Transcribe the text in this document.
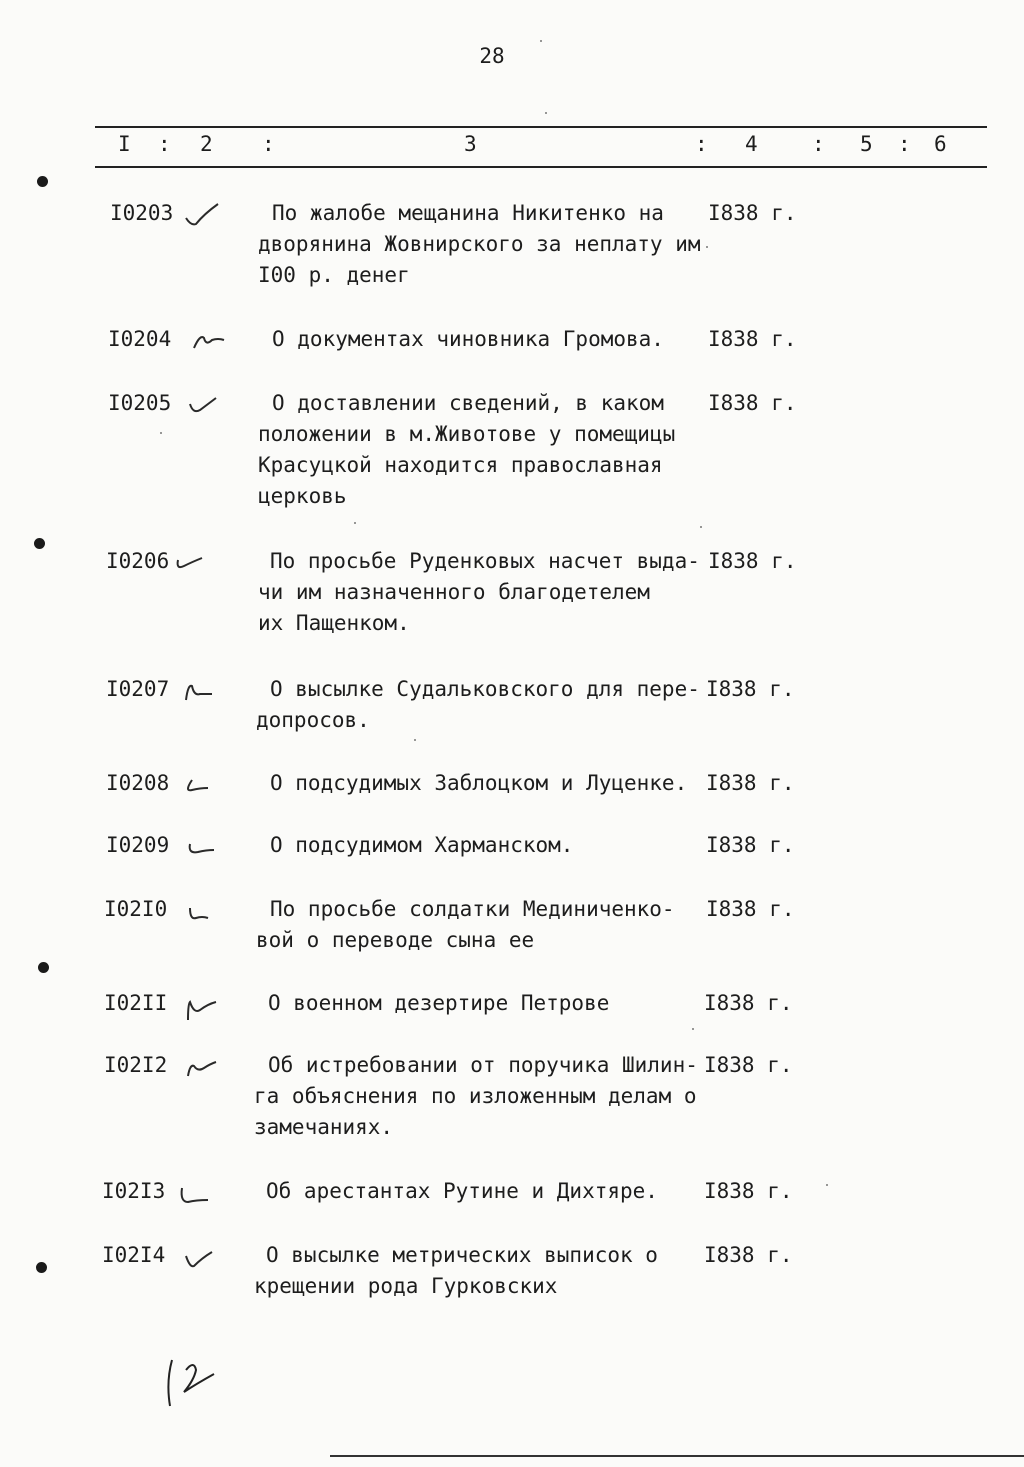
28
I : 2 :	3	: 4	: 5 : 6
I0203	По жалобе мещанина Никитенко на
дворянина Жовнирского за неплату им
I00 р. денег
I838 г.
I0204	О документах чиновника Громова.	I838 г.
I0205	О доставлении сведений, в каком
положении в м.Животове у помещицы
Красуцкой находится православная
церковь
I838 г.
I0206	По просьбе Руденковых насчет выда-
чи им назначенного благодетелем
их Пащенком.
I838 г.
I0207	О высылке Судальковского для пере-
допросов.
I838 г.
I0208	О подсудимых Заблоцком и Луценке. I838 г.
I0209	О подсудимом Харманском.	I838 г.
I02I0	По просьбе солдатки Мединиченко-
вой о переводе сына ее
I838 г.
I02II	О военном дезертире Петрове	I838 г.
I02I2	Об истребовании от поручика Шилин-
га объяснения по изложенным делам о
замечаниях.
I838 г.
I02I3	Об арестантах Рутине и Дихтяре.	I838 г.
I02I4	О высылке метрических выписок о
крещении рода Гурковских
I838 г.
